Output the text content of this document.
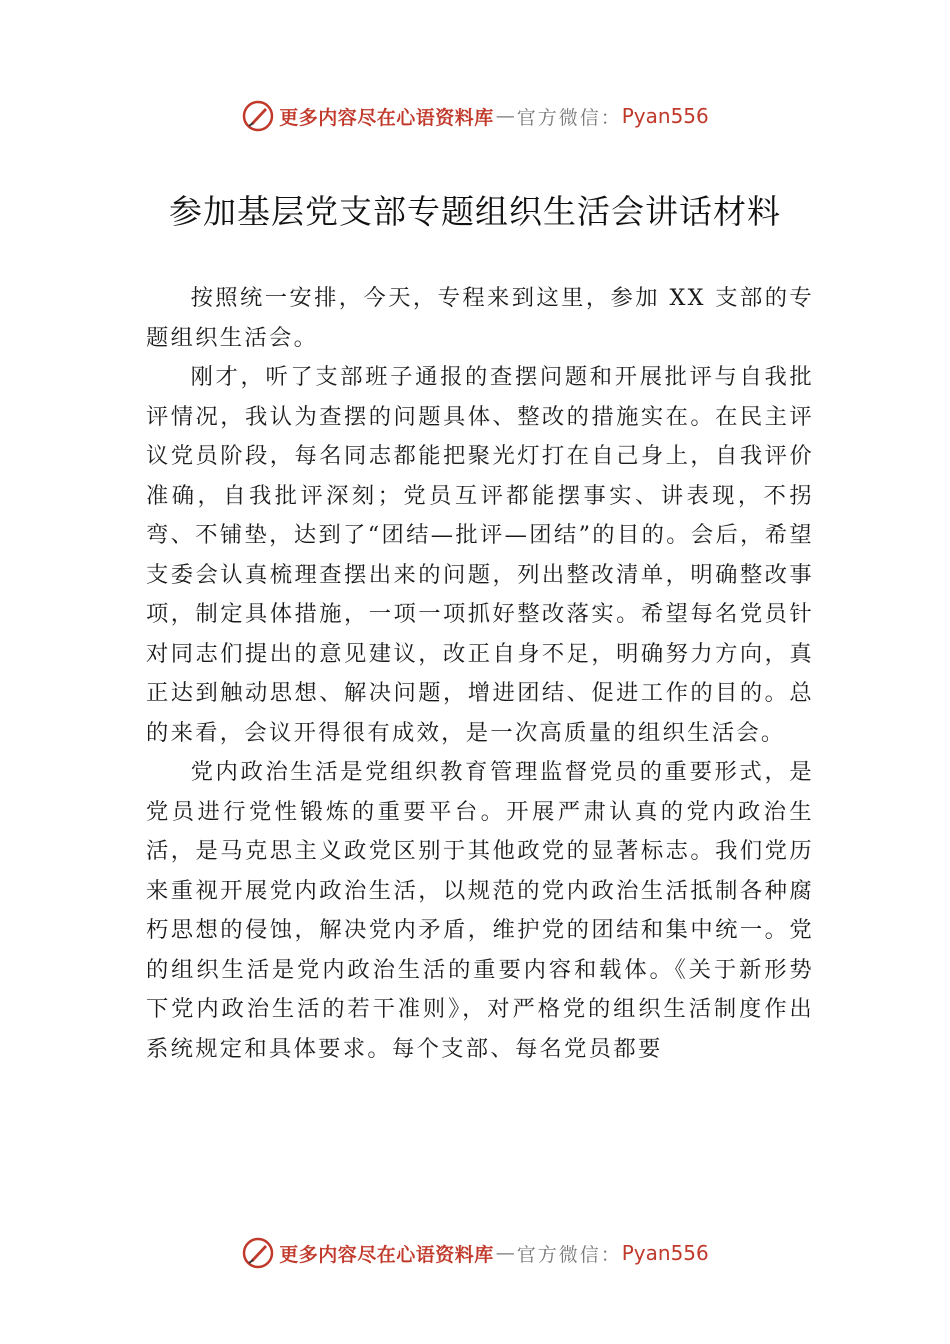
更多内容尽在心语资料库 — 官方微信： Pyan556
参加基层党支部专题组织生活会讲话材料

按照统一安排，今天，专程来到这里，参加 XX 支部的专题组织生活会。

刚才，听了支部班子通报的查摆问题和开展批评与自我批评情况，我认为查摆的问题具体、整改的措施实在。在民主评议党员阶段，每名同志都能把聚光灯打在自己身上，自我评价准确，自我批评深刻；党员互评都能摆事实、讲表现，不拐弯、不铺垫，达到了“团结—批评—团结”的目的。会后，希望支委会认真梳理查摆出来的问题，列出整改清单，明确整改事项，制定具体措施，一项一项抓好整改落实。希望每名党员针对同志们提出的意见建议，改正自身不足，明确努力方向，真正达到触动思想、解决问题，增进团结、促进工作的目的。总的来看，会议开得很有成效，是一次高质量的组织生活会。

党内政治生活是党组织教育管理监督党员的重要形式，是党员进行党性锻炼的重要平台。开展严肃认真的党内政治生活，是马克思主义政党区别于其他政党的显著标志。我们党历来重视开展党内政治生活，以规范的党内政治生活抵制各种腐朽思想的侵蚀，解决党内矛盾，维护党的团结和集中统一。党的组织生活是党内政治生活的重要内容和载体。《关于新形势下党内政治生活的若干准则》，对严格党的组织生活制度作出系统规定和具体要求。每个支部、每名党员都要

更多内容尽在心语资料库 — 官方微信： Pyan556
